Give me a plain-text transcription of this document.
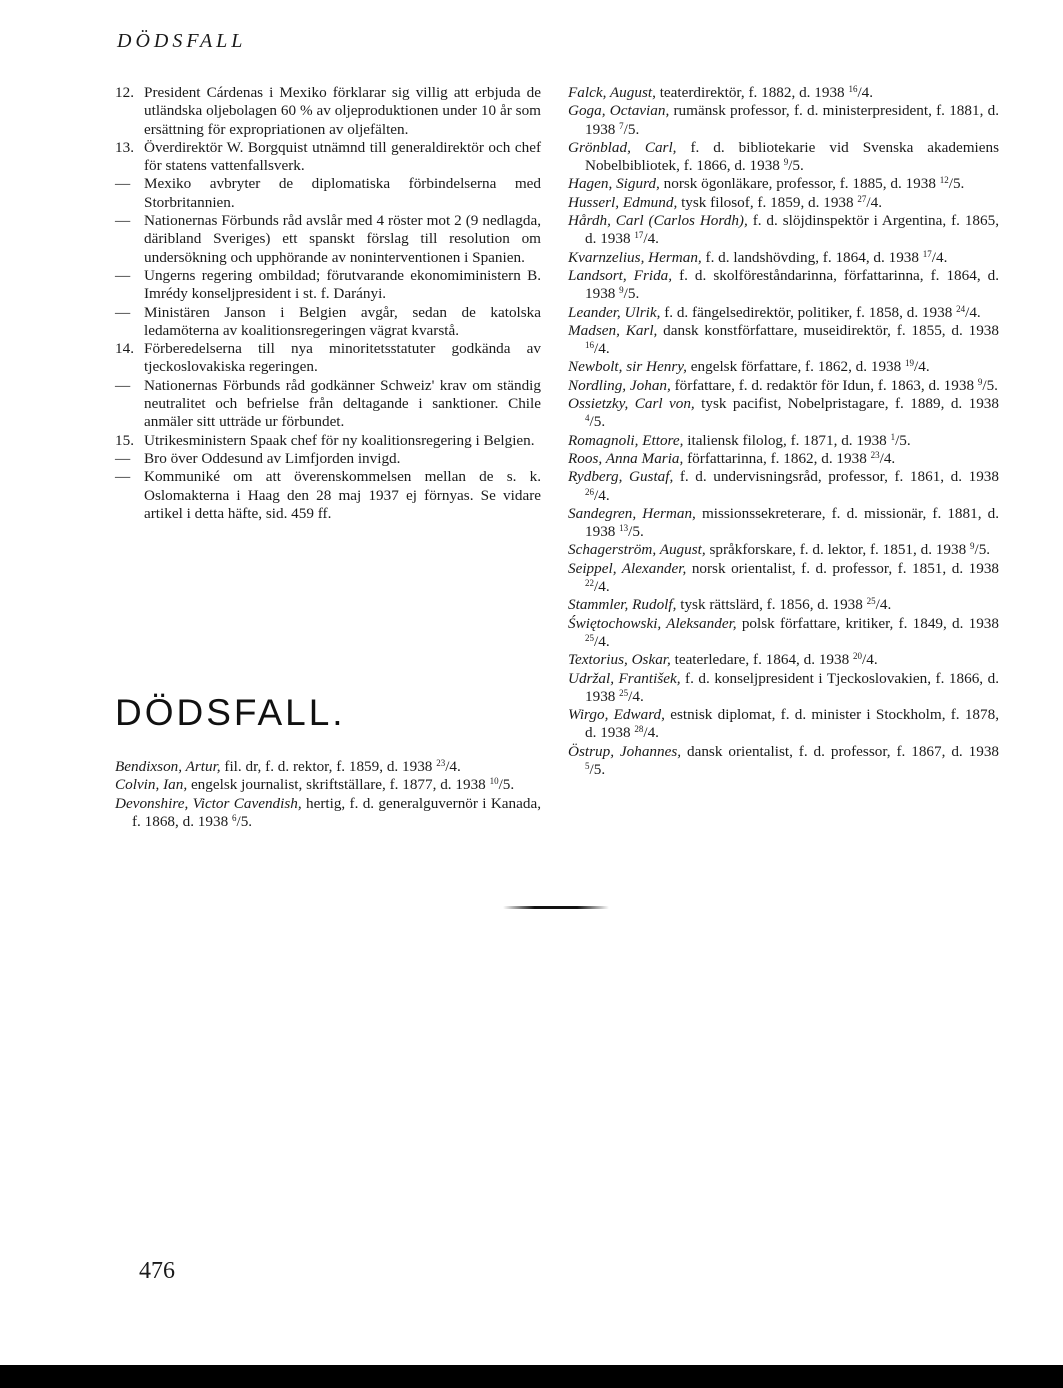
DÖDSFALL
12. President Cárdenas i Mexiko förklarar sig villig att erbjuda de utländska oljebolagen 60 % av oljeproduktionen under 10 år som ersättning för expropriationen av oljefälten.
13. Överdirektör W. Borgquist utnämnd till generaldirektör och chef för statens vattenfallsverk.
— Mexiko avbryter de diplomatiska förbindelserna med Storbritannien.
— Nationernas Förbunds råd avslår med 4 röster mot 2 (9 nedlagda, däribland Sveriges) ett spanskt förslag till resolution om undersökning och upphörande av noninterventionen i Spanien.
— Ungerns regering ombildad; förutvarande ekonomiministern B. Imrédy konseljpresident i st. f. Darányi.
— Ministären Janson i Belgien avgår, sedan de katolska ledamöterna av koalitionsregeringen vägrat kvarstå.
14. Förberedelserna till nya minoritetsstatuter godkända av tjeckoslovakiska regeringen.
— Nationernas Förbunds råd godkänner Schweiz' krav om ständig neutralitet och befrielse från deltagande i sanktioner. Chile anmäler sitt utträde ur förbundet.
15. Utrikesministern Spaak chef för ny koalitionsregering i Belgien.
— Bro över Oddesund av Limfjorden invigd.
— Kommuniké om att överenskommelsen mellan de s. k. Oslomakterna i Haag den 28 maj 1937 ej förnyas. Se vidare artikel i detta häfte, sid. 459 ff.
DÖDSFALL.
Bendixson, Artur, fil. dr, f. d. rektor, f. 1859, d. 1938 $^{23}$/4.
Colvin, Ian, engelsk journalist, skriftställare, f. 1877, d. 1938 $^{10}$/5.
Devonshire, Victor Cavendish, hertig, f. d. generalguvernör i Kanada, f. 1868, d. 1938 $^6$/5.
Falck, August, teaterdirektör, f. 1882, d. 1938 $^{16}$/4.
Goga, Octavian, rumänsk professor, f. d. ministerpresident, f. 1881, d. 1938 $^7$/5.
Grönblad, Carl, f. d. bibliotekarie vid Svenska akademiens Nobelbibliotek, f. 1866, d. 1938 $^9$/5.
Hagen, Sigurd, norsk ögonläkare, professor, f. 1885, d. 1938 $^{12}$/5.
Husserl, Edmund, tysk filosof, f. 1859, d. 1938 $^{27}$/4.
Hårdh, Carl (Carlos Hordh), f. d. slöjdinspektör i Argentina, f. 1865, d. 1938 $^{17}$/4.
Kvarnzelius, Herman, f. d. landshövding, f. 1864, d. 1938 $^{17}$/4.
Landsort, Frida, f. d. skolföreståndarinna, författarinna, f. 1864, d. 1938 $^9$/5.
Leander, Ulrik, f. d. fängelsedirektör, politiker, f. 1858, d. 1938 $^{24}$/4.
Madsen, Karl, dansk konstförfattare, museidirektör, f. 1855, d. 1938 $^{16}$/4.
Newbolt, sir Henry, engelsk författare, f. 1862, d. 1938 $^{19}$/4.
Nordling, Johan, författare, f. d. redaktör för Idun, f. 1863, d. 1938 $^9$/5.
Ossietzky, Carl von, tysk pacifist, Nobelpristagare, f. 1889, d. 1938 $^4$/5.
Romagnoli, Ettore, italiensk filolog, f. 1871, d. 1938 $^1$/5.
Roos, Anna Maria, författarinna, f. 1862, d. 1938 $^{23}$/4.
Rydberg, Gustaf, f. d. undervisningsråd, professor, f. 1861, d. 1938 $^{26}$/4.
Sandegren, Herman, missionssekreterare, f. d. missionär, f. 1881, d. 1938 $^{13}$/5.
Schagerström, August, språkforskare, f. d. lektor, f. 1851, d. 1938 $^9$/5.
Seippel, Alexander, norsk orientalist, f. d. professor, f. 1851, d. 1938 $^{22}$/4.
Stammler, Rudolf, tysk rättslärd, f. 1856, d. 1938 $^{25}$/4.
Świętochowski, Aleksander, polsk författare, kritiker, f. 1849, d. 1938 $^{25}$/4.
Textorius, Oskar, teaterledare, f. 1864, d. 1938 $^{20}$/4.
Udržal, František, f. d. konseljpresident i Tjeckoslovakien, f. 1866, d. 1938 $^{25}$/4.
Wirgo, Edward, estnisk diplomat, f. d. minister i Stockholm, f. 1878, d. 1938 $^{28}$/4.
Östrup, Johannes, dansk orientalist, f. d. professor, f. 1867, d. 1938 $^5$/5.
476
